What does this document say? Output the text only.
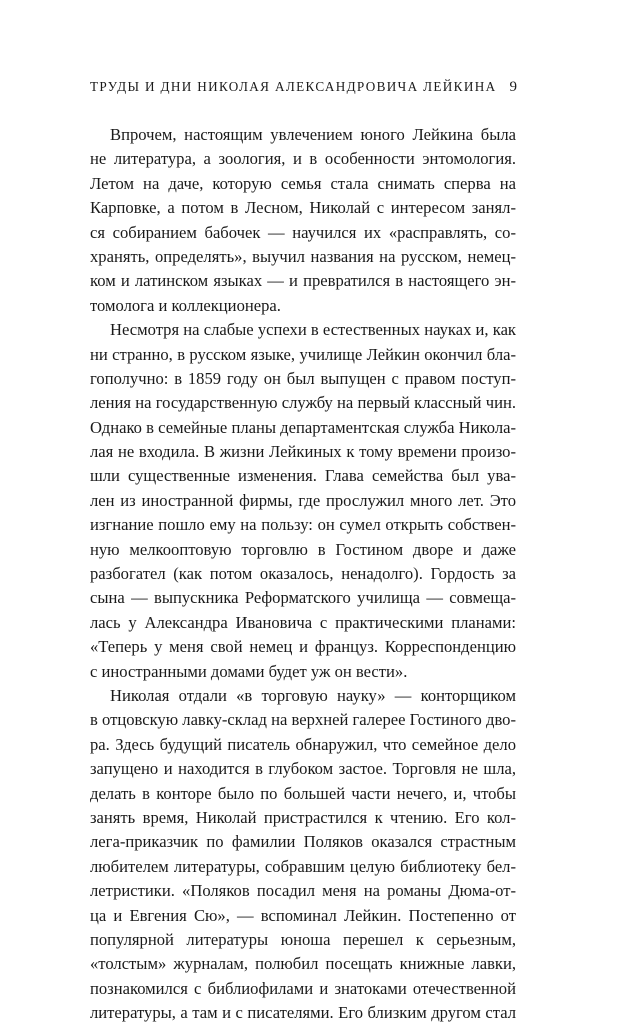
ТРУДЫ И ДНИ НИКОЛАЯ АЛЕКСАНДРОВИЧА ЛЕЙКИНА 9
Впрочем, настоящим увлечением юного Лейкина была
не литература, а зоология, и в особенности энтомология.
Летом на даче, которую семья стала снимать сперва на
Карповке, а потом в Лесном, Николай с интересом занял-
ся собиранием бабочек — научился их «расправлять, со-
хранять, определять», выучил названия на русском, немец-
ком и латинском языках — и превратился в настоящего эн-
томолога и коллекционера.
Несмотря на слабые успехи в естественных науках и, как
ни странно, в русском языке, училище Лейкин окончил бла-
гополучно: в 1859 году он был выпущен с правом поступ-
ления на государственную службу на первый классный чин.
Однако в семейные планы департаментская служба Никола-
лая не входила. В жизни Лейкиных к тому времени произо-
шли существенные изменения. Глава семейства был ува-
лен из иностранной фирмы, где прослужил много лет. Это
изгнание пошло ему на пользу: он сумел открыть собствен-
ную мелкооптовую торговлю в Гостином дворе и даже
разбогател (как потом оказалось, ненадолго). Гордость за
сына — выпускника Реформатского училища — совмеща-
лась у Александра Ивановича с практическими планами:
«Теперь у меня свой немец и француз. Корреспонденцию
с иностранными домами будет уж он вести».
Николая отдали «в торговую науку» — конторщиком
в отцовскую лавку-склад на верхней галерее Гостиного дво-
ра. Здесь будущий писатель обнаружил, что семейное дело
запущено и находится в глубоком застое. Торговля не шла,
делать в конторе было по большей части нечего, и, чтобы
занять время, Николай пристрастился к чтению. Его кол-
лега-приказчик по фамилии Поляков оказался страстным
любителем литературы, собравшим целую библиотеку бел-
летристики. «Поляков посадил меня на романы Дюма-от-
ца и Евгения Сю», — вспоминал Лейкин. Постепенно от
популярной литературы юноша перешел к серьезным,
«толстым» журналам, полюбил посещать книжные лавки,
познакомился с библиофилами и знатоками отечественной
литературы, а там и с писателями. Его близким другом стал
